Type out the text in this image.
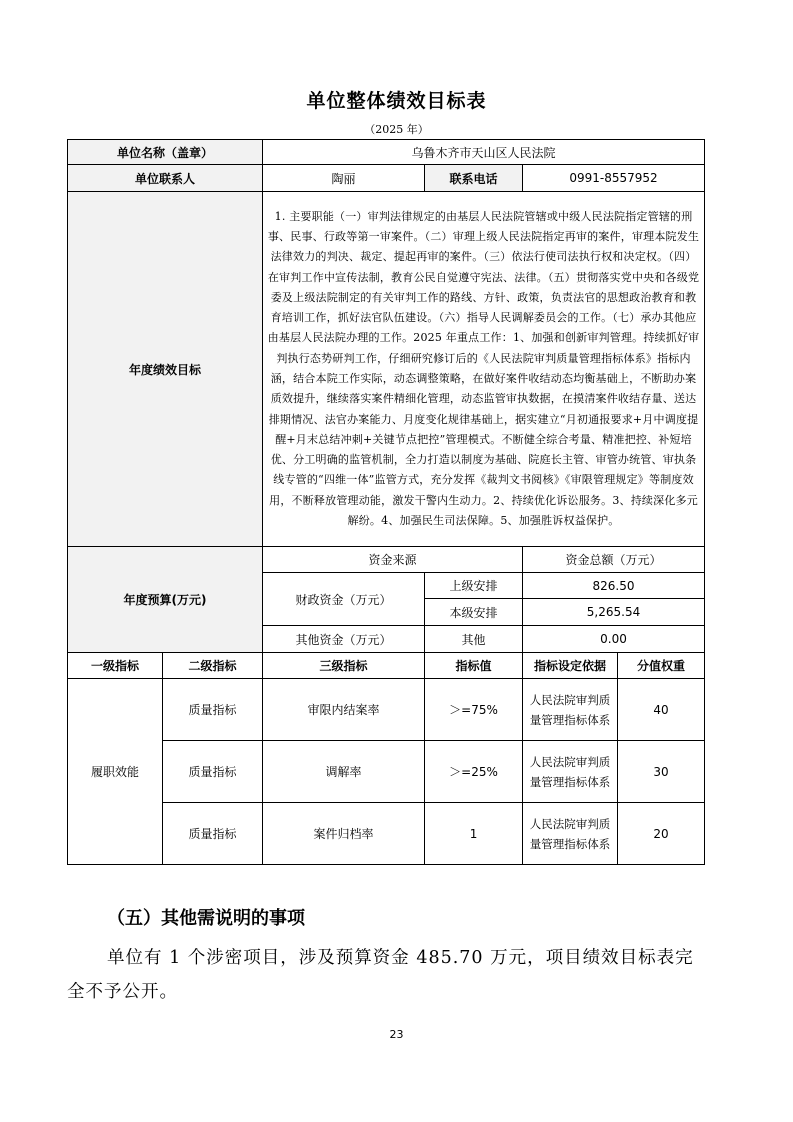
单位整体绩效目标表
（2025 年）
单位名称（盖章）		乌鲁木齐市天山区人民法院			
单位联系人		陶丽	联系电话	0991-8557952	
年度绩效目标		1. 主要职能（一）审判法律规定的由基层人民法院管辖或中级人民法院指定管辖的刑事、民事、行政等第一审案件。（二）审理上级人民法院指定再审的案件，审理本院发生法律效力的判决、裁定、提起再审的案件。（三）依法行使司法执行权和决定权。（四）在审判工作中宣传法制，教育公民自觉遵守宪法、法律。（五）贯彻落实党中央和各级党委及上级法院制定的有关审判工作的路线、方针、政策，负责法官的思想政治教育和教育培训工作，抓好法官队伍建设。（六）指导人民调解委员会的工作。（七）承办其他应由基层人民法院办理的工作。2025 年重点工作：1、加强和创新审判管理。持续抓好审判执行态势研判工作，仔细研究修订后的《人民法院审判质量管理指标体系》指标内涵，结合本院工作实际，动态调整策略，在做好案件收结动态均衡基础上，不断助办案质效提升，继续落实案件精细化管理，动态监管审执数据，在摸清案件收结存量、送达排期情况、法官办案能力、月度变化规律基础上，据实建立“月初通报要求+月中调度提醒+月末总结冲刺+关键节点把控”管理模式。不断健全综合考量、精准把控、补短培优、分工明确的监管机制，全力打造以制度为基础、院庭长主管、审管办统管、审执条线专管的“四维一体”监管方式，充分发挥《裁判文书阅核》《审限管理规定》等制度效用，不断释放管理动能，激发干警内生动力。2、持续优化诉讼服务。3、持续深化多元解纷。4、加强民生司法保障。5、加强胜诉权益保护。			
年度预算(万元)		资金来源		资金总额（万元）	
		财政资金（万元）	上级安排	826.50	
			本级安排	5,265.54	
		其他资金（万元）	其他	0.00	
一级指标	二级指标	三级指标	指标值	指标设定依据	分值权重
履职效能	质量指标	审限内结案率	＞=75%	人民法院审判质量管理指标体系	40
	质量指标	调解率	＞=25%	人民法院审判质量管理指标体系	30
	质量指标	案件归档率	1	人民法院审判质量管理指标体系	20
（五）其他需说明的事项
单位有 1 个涉密项目，涉及预算资金 485.70 万元，项目绩效目标表完全不予公开。
23
